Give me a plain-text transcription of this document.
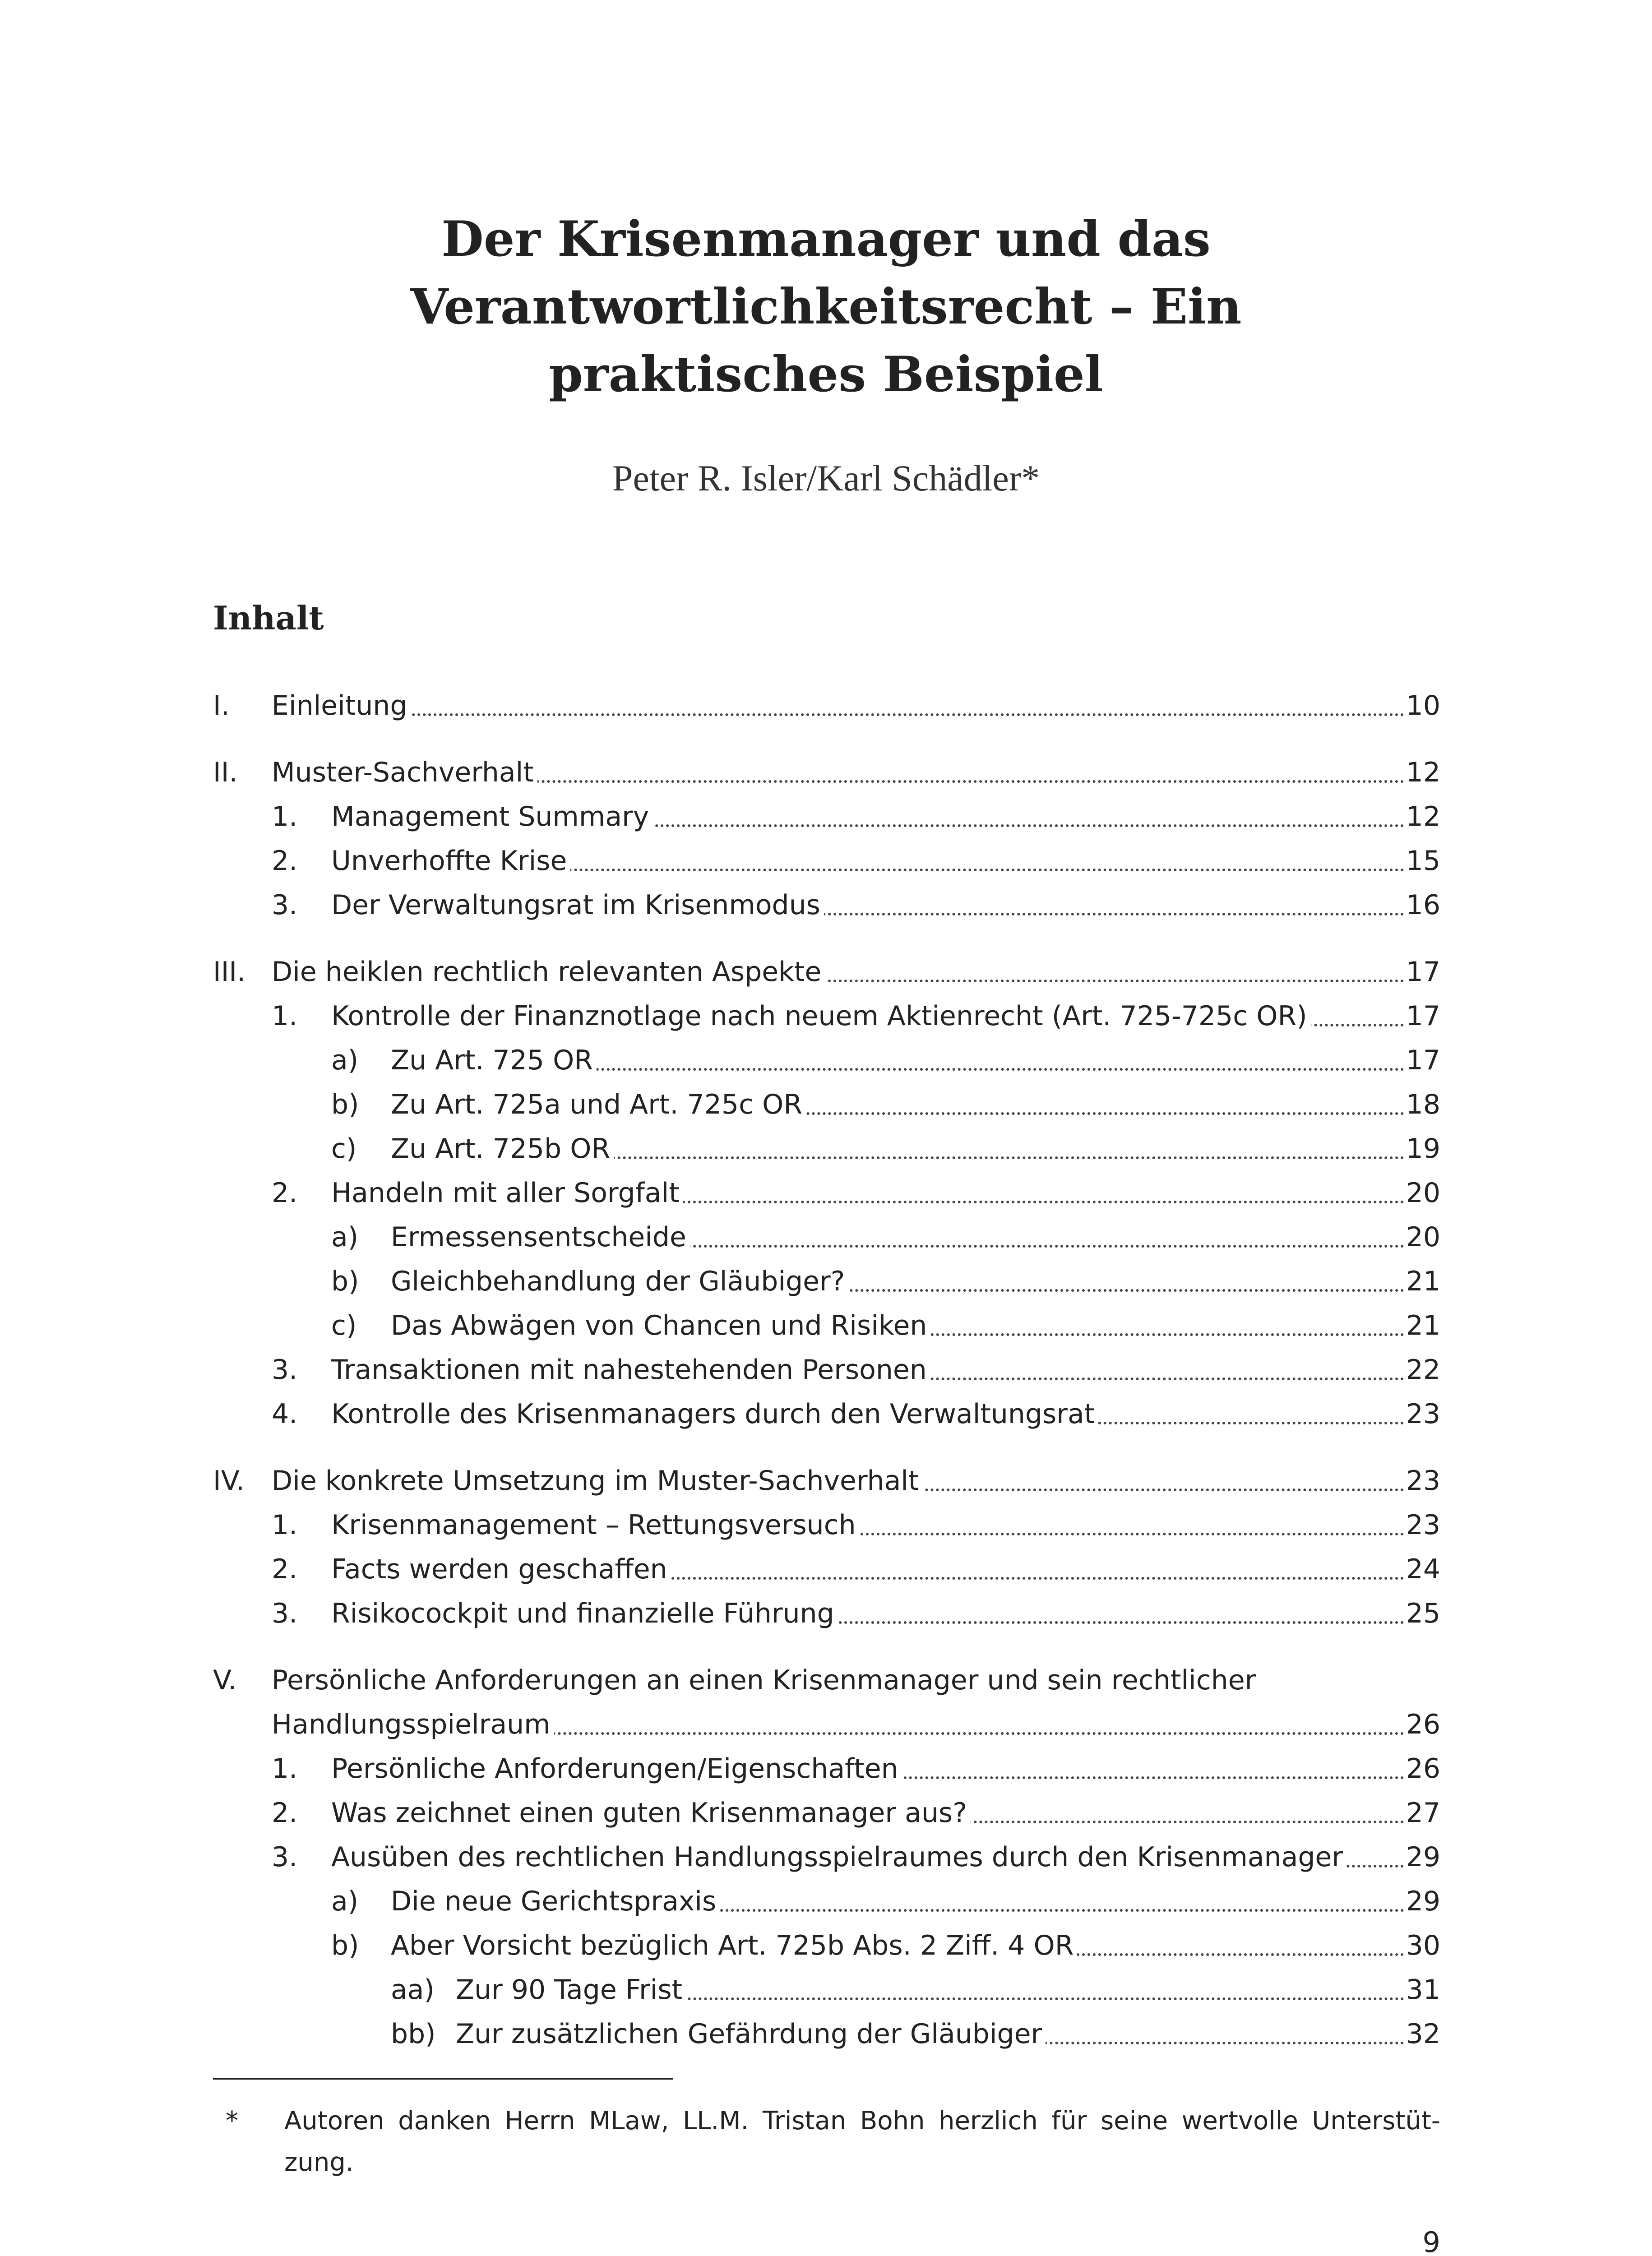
Der Krisenmanager und das
Verantwortlichkeitsrecht – Ein
praktisches Beispiel
Peter R. Isler/Karl Schädler*
Inhalt
I. Einleitung	10
II. Muster-Sachverhalt	12
1. Management Summary	12
2. Unverhoffte Krise	15
3. Der Verwaltungsrat im Krisenmodus	16
III. Die heiklen rechtlich relevanten Aspekte	17
1. Kontrolle der Finanznotlage nach neuem Aktienrecht (Art. 725-725c OR)	17
a) Zu Art. 725 OR	17
b) Zu Art. 725a und Art. 725c OR	18
c) Zu Art. 725b OR	19
2. Handeln mit aller Sorgfalt	20
a) Ermessensentscheide	20
b) Gleichbehandlung der Gläubiger?	21
c) Das Abwägen von Chancen und Risiken	21
3. Transaktionen mit nahestehenden Personen	22
4. Kontrolle des Krisenmanagers durch den Verwaltungsrat	23
IV. Die konkrete Umsetzung im Muster-Sachverhalt	23
1. Krisenmanagement – Rettungsversuch	23
2. Facts werden geschaffen	24
3. Risikocockpit und finanzielle Führung	25
V. Persönliche Anforderungen an einen Krisenmanager und sein rechtlicher
Handlungsspielraum	26
1. Persönliche Anforderungen/Eigenschaften	26
2. Was zeichnet einen guten Krisenmanager aus?	27
3. Ausüben des rechtlichen Handlungsspielraumes durch den Krisenmanager 29
a) Die neue Gerichtspraxis	29
b) Aber Vorsicht bezüglich Art. 725b Abs. 2 Ziff. 4 OR	30
aa) Zur 90 Tage Frist	31
bb) Zur zusätzlichen Gefährdung der Gläubiger	32
* Autoren danken Herrn MLaw, LL.M. Tristan Bohn herzlich für seine wertvolle Unterstüt-zung.
9
